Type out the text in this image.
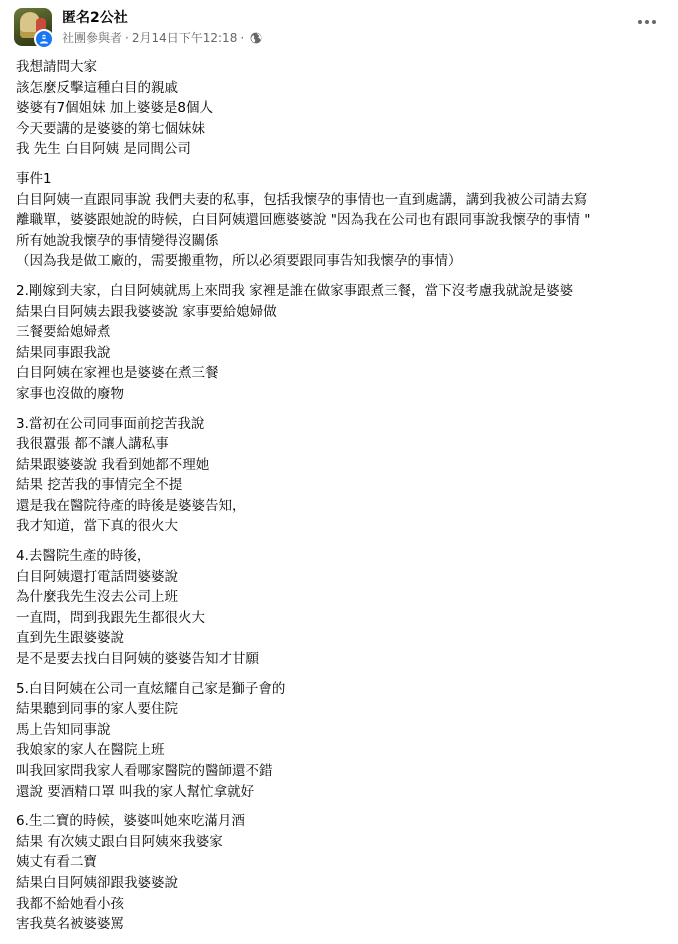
匿名2公社
社團參與者 · 2月14日下午12:18 ·
我想請問大家
該怎麼反擊這種白目的親戚
婆婆有7個姐妹 加上婆婆是8個人
今天要講的是婆婆的第七個妹妹
我 先生 白目阿姨 是同間公司
事件1
白目阿姨一直跟同事說 我們夫妻的私事，包括我懷孕的事情也一直到處講，講到我被公司請去寫
離職單，婆婆跟她說的時候，白目阿姨還回應婆婆說 "因為我在公司也有跟同事說我懷孕的事情 "
所有她說我懷孕的事情變得沒關係
（因為我是做工廠的，需要搬重物，所以必須要跟同事告知我懷孕的事情）
2.剛嫁到夫家，白目阿姨就馬上來問我 家裡是誰在做家事跟煮三餐，當下沒考慮我就說是婆婆
結果白目阿姨去跟我婆婆說 家事要給媳婦做
三餐要給媳婦煮
結果同事跟我說
白目阿姨在家裡也是婆婆在煮三餐
家事也沒做的廢物
3.當初在公司同事面前挖苦我說
我很囂張 都不讓人講私事
結果跟婆婆說 我看到她都不理她
結果 挖苦我的事情完全不提
還是我在醫院待產的時後是婆婆告知，
我才知道，當下真的很火大
4.去醫院生產的時後，
白目阿姨還打電話問婆婆說
為什麼我先生沒去公司上班
一直問，問到我跟先生都很火大
直到先生跟婆婆說
是不是要去找白目阿姨的婆婆告知才甘願
5.白目阿姨在公司一直炫耀自己家是獅子會的
結果聽到同事的家人要住院
馬上告知同事說
我娘家的家人在醫院上班
叫我回家問我家人看哪家醫院的醫師還不錯
還說 要酒精口罩 叫我的家人幫忙拿就好
6.生二寶的時候，婆婆叫她來吃滿月酒
結果 有次姨丈跟白目阿姨來我婆家
姨丈有看二寶
結果白目阿姨卻跟我婆婆說
我都不給她看小孩
害我莫名被婆婆罵
